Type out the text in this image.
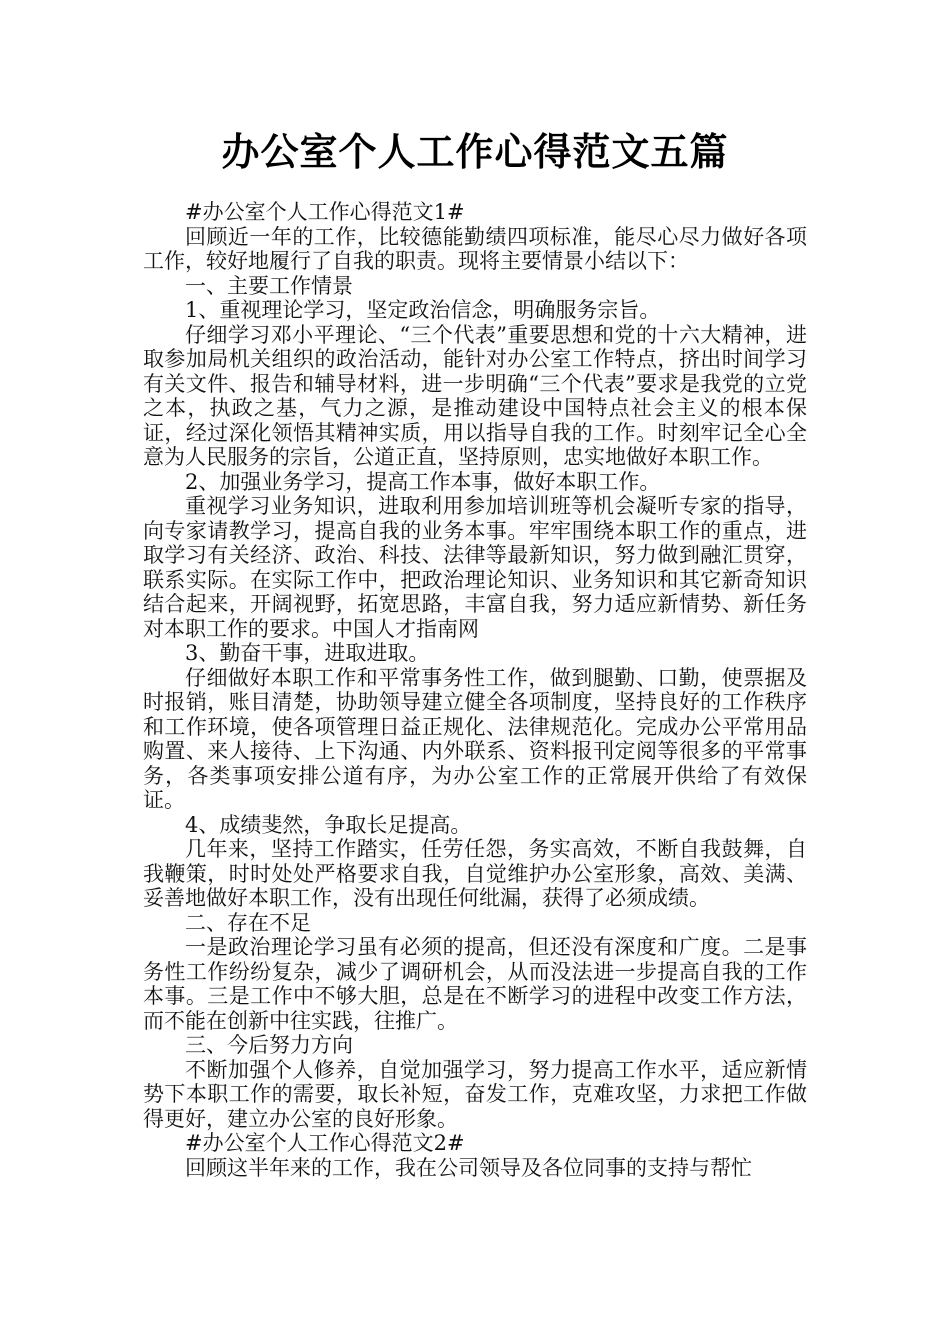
办公室个人工作心得范文五篇

#办公室个人工作心得范文1#

回顾近一年的工作，比较德能勤绩四项标准，能尽心尽力做好各项工作，较好地履行了自我的职责。现将主要情景小结以下：

一、主要工作情景

1、重视理论学习，坚定政治信念，明确服务宗旨。

仔细学习邓小平理论、“三个代表”重要思想和党的十六大精神，进取参加局机关组织的政治活动，能针对办公室工作特点，挤出时间学习有关文件、报告和辅导材料，进一步明确“三个代表”要求是我党的立党之本，执政之基，气力之源，是推动建设中国特点社会主义的根本保证，经过深化领悟其精神实质，用以指导自我的工作。时刻牢记全心全意为人民服务的宗旨，公道正直，坚持原则，忠实地做好本职工作。

2、加强业务学习，提高工作本事，做好本职工作。

重视学习业务知识，进取利用参加培训班等机会凝听专家的指导，向专家请教学习，提高自我的业务本事。牢牢围绕本职工作的重点，进取学习有关经济、政治、科技、法律等最新知识，努力做到融汇贯穿，联系实际。在实际工作中，把政治理论知识、业务知识和其它新奇知识结合起来，开阔视野，拓宽思路，丰富自我，努力适应新情势、新任务对本职工作的要求。中国人才指南网

3、勤奋干事，进取进取。

仔细做好本职工作和平常事务性工作，做到腿勤、口勤，使票据及时报销，账目清楚，协助领导建立健全各项制度，坚持良好的工作秩序和工作环境，使各项管理日益正规化、法律规范化。完成办公平常用品购置、来人接待、上下沟通、内外联系、资料报刊定阅等很多的平常事务，各类事项安排公道有序，为办公室工作的正常展开供给了有效保证。

4、成绩斐然，争取长足提高。

几年来，坚持工作踏实，任劳任怨，务实高效，不断自我鼓舞，自我鞭策，时时处处严格要求自我，自觉维护办公室形象，高效、美满、妥善地做好本职工作，没有出现任何纰漏，获得了必须成绩。

二、存在不足

一是政治理论学习虽有必须的提高，但还没有深度和广度。二是事务性工作纷纷复杂，减少了调研机会，从而没法进一步提高自我的工作本事。三是工作中不够大胆，总是在不断学习的进程中改变工作方法，而不能在创新中往实践，往推广。

三、今后努力方向

不断加强个人修养，自觉加强学习，努力提高工作水平，适应新情势下本职工作的需要，取长补短，奋发工作，克难攻坚，力求把工作做得更好，建立办公室的良好形象。

#办公室个人工作心得范文2#

回顾这半年来的工作，我在公司领导及各位同事的支持与帮忙
